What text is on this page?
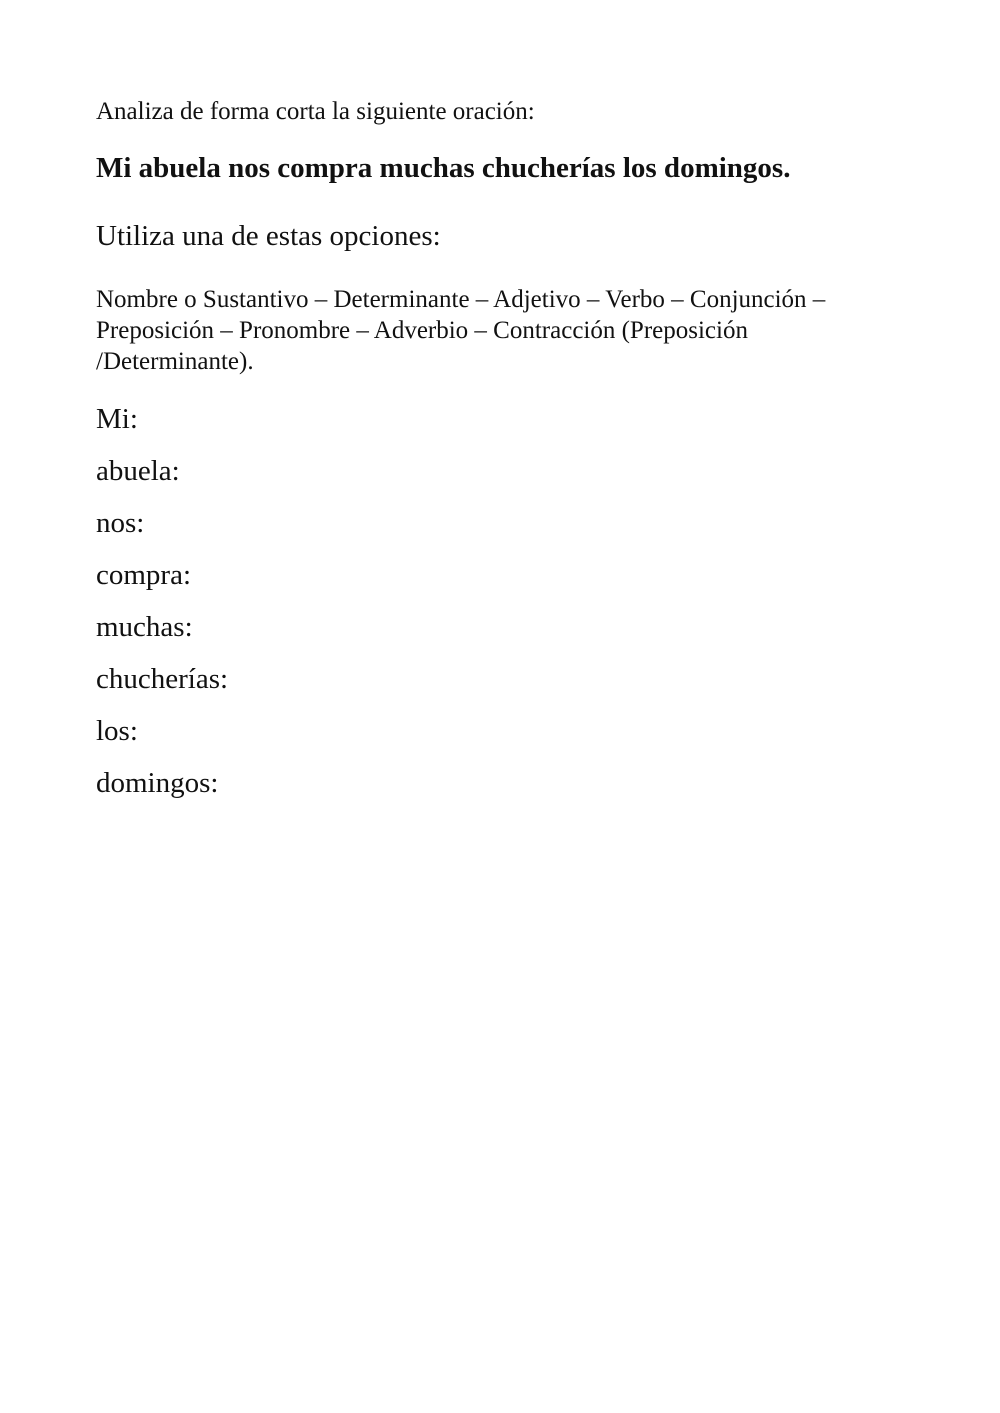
Analiza de forma corta la siguiente oración:

Mi abuela nos compra muchas chucherías los domingos.

Utiliza una de estas opciones:

Nombre o Sustantivo – Determinante – Adjetivo – Verbo – Conjunción – Preposición – Pronombre – Adverbio – Contracción (Preposición /Determinante).

Mi:
abuela:
nos:
compra:
muchas:
chucherías:
los:
domingos:
